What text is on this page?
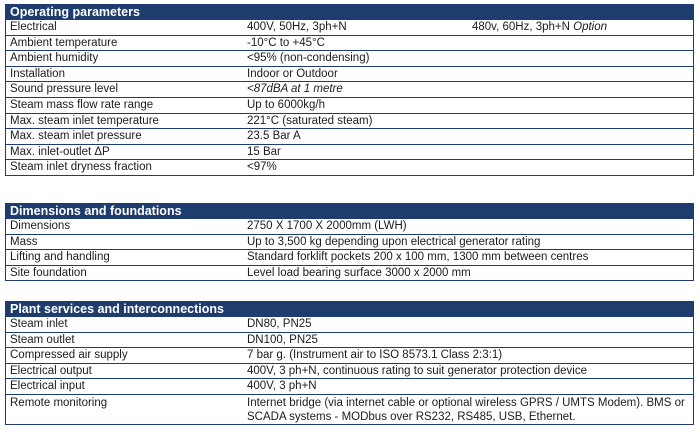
Operating parameters
Electrical	400V, 50Hz, 3ph+N	480v, 60Hz, 3ph+N Option
Ambient temperature	-10°C to +45°C
Ambient humidity	<95% (non-condensing)
Installation	Indoor or Outdoor
Sound pressure level	<87dBA at 1 metre
Steam mass flow rate range	Up to 6000kg/h
Max. steam inlet temperature	221°C (saturated steam)
Max. steam inlet pressure	23.5 Bar A
Max. inlet-outlet ΔP	15 Bar
Steam inlet dryness fraction	<97%
Dimensions and foundations
Dimensions	2750 X 1700 X 2000mm (LWH)
Mass	Up to 3,500 kg depending upon electrical generator rating
Lifting and handling	Standard forklift pockets 200 x 100 mm, 1300 mm between centres
Site foundation	Level load bearing surface 3000 x 2000 mm
Plant services and interconnections
Steam inlet	DN80, PN25
Steam outlet	DN100, PN25
Compressed air supply	7 bar g. (Instrument air to ISO 8573.1 Class 2:3:1)
Electrical output	400V, 3 ph+N, continuous rating to suit generator protection device
Electrical input	400V, 3 ph+N
Remote monitoring	Internet bridge (via internet cable or optional wireless GPRS / UMTS Modem). BMS or SCADA systems - MODbus over RS232, RS485, USB, Ethernet.
